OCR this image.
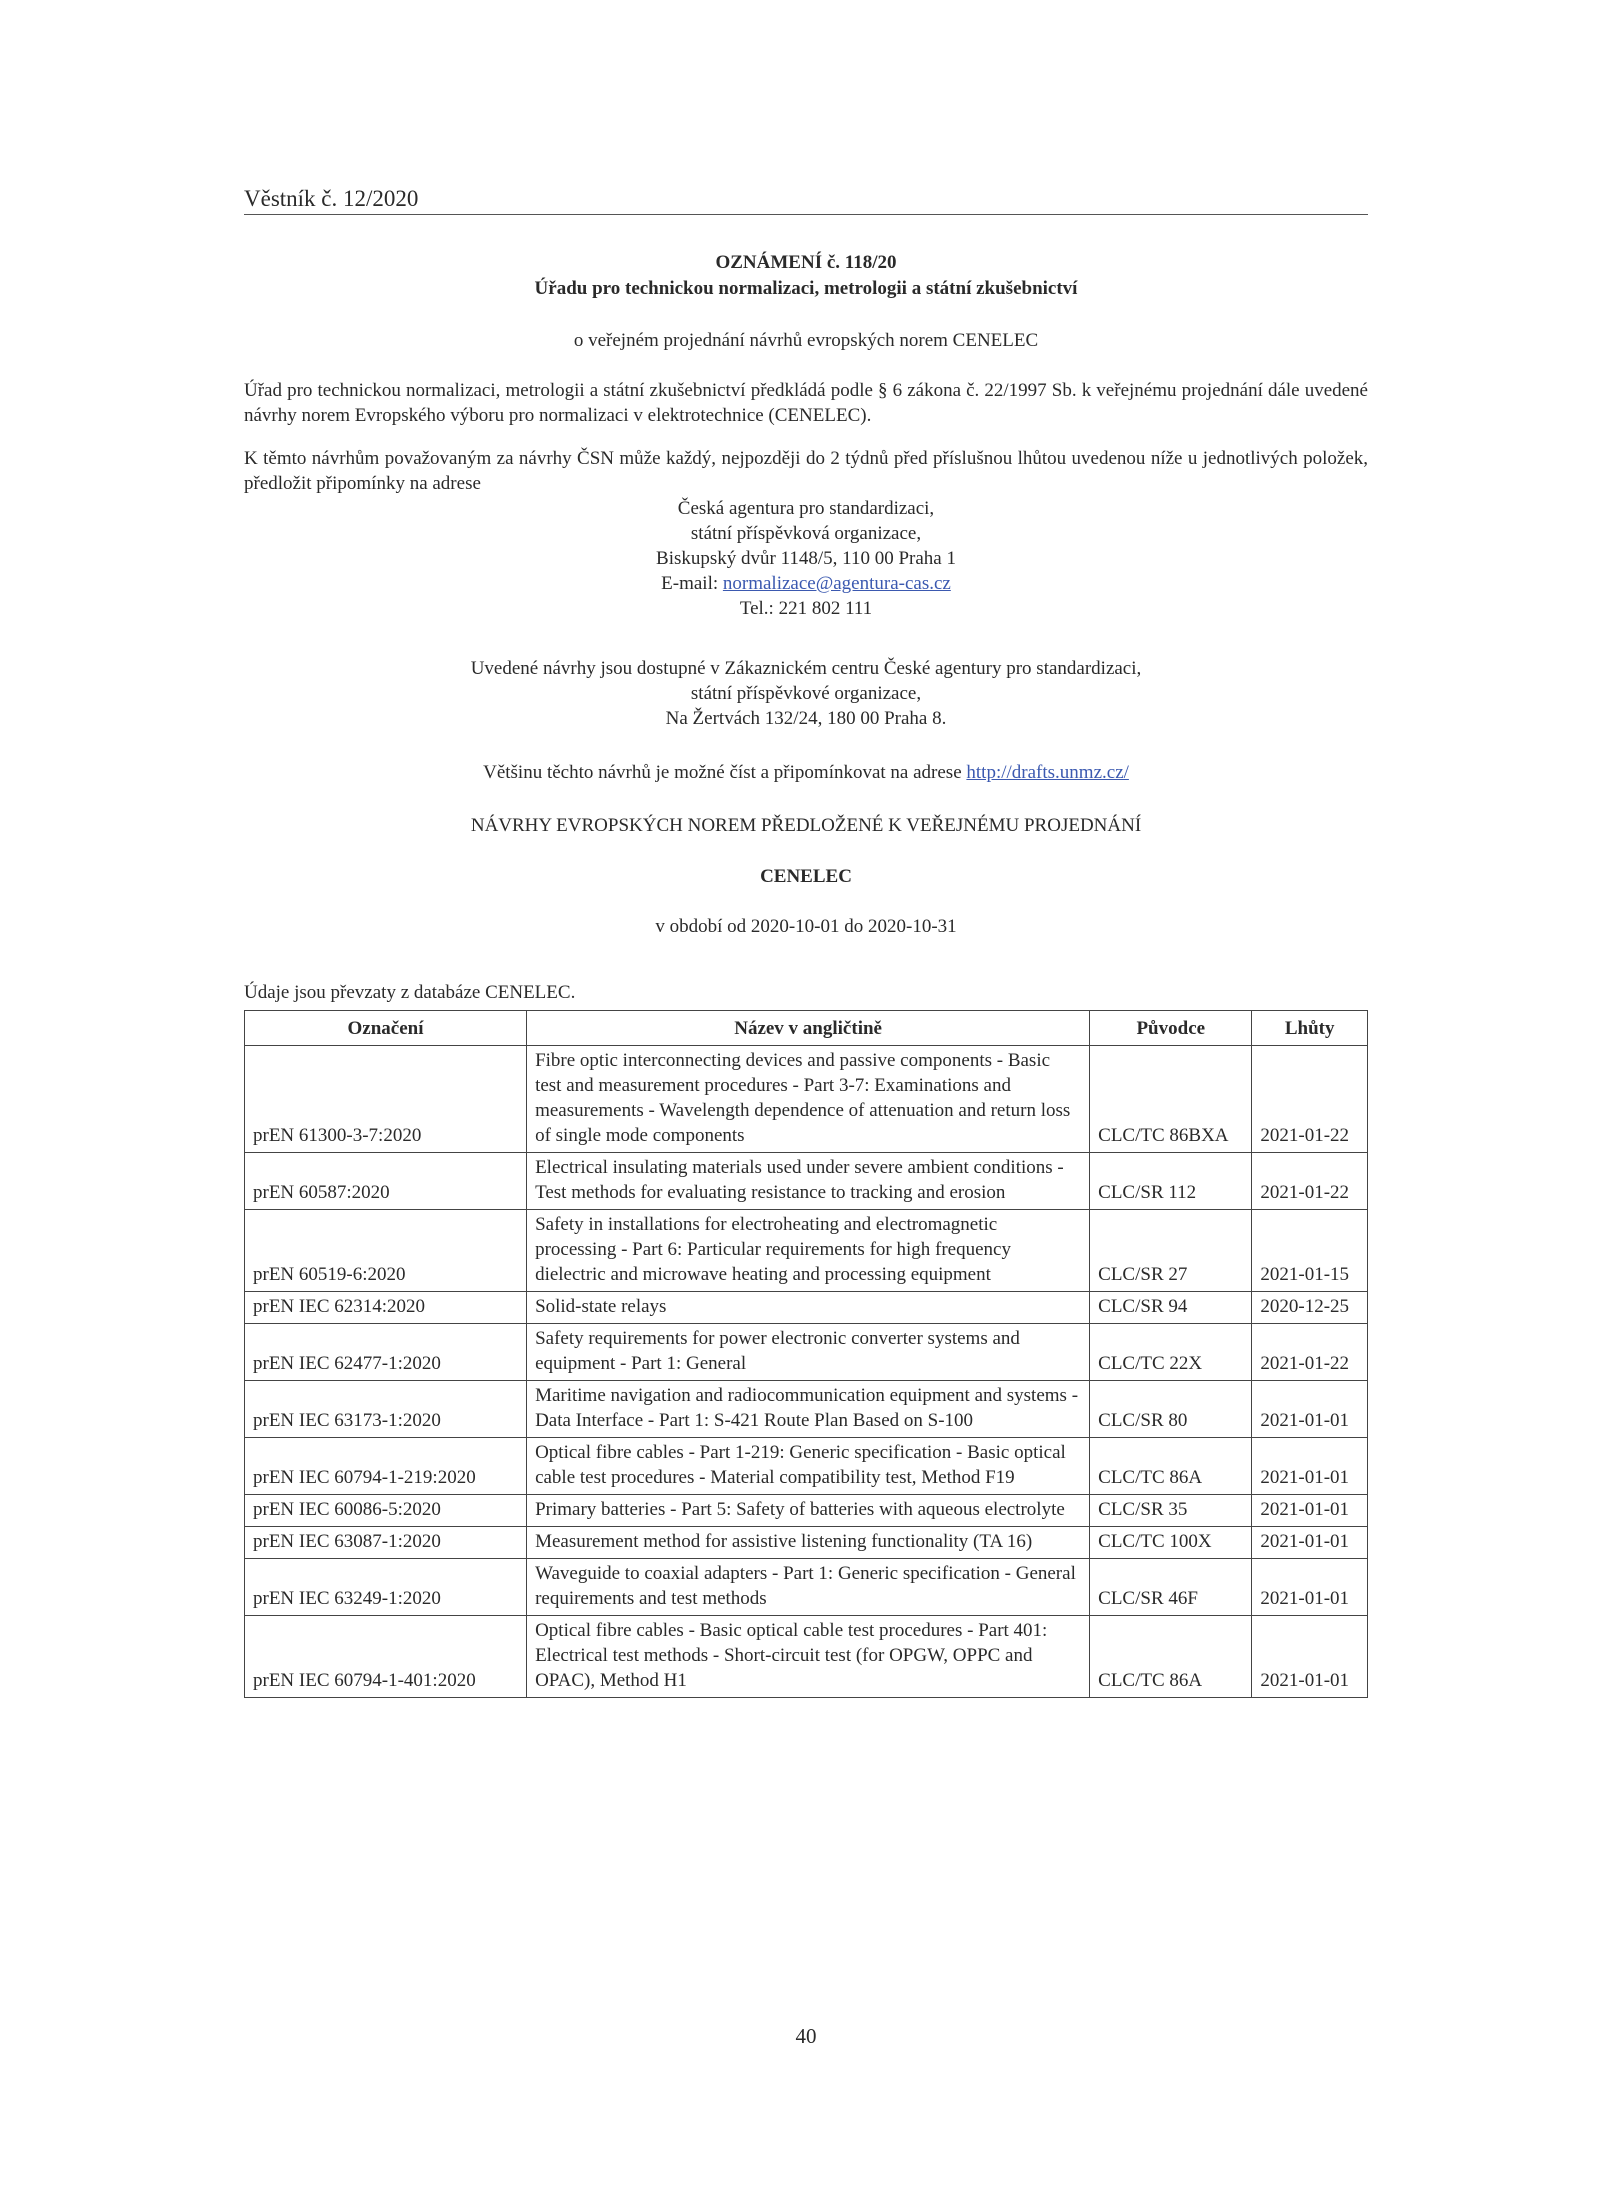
Věstník č. 12/2020
OZNÁMENÍ č. 118/20
Úřadu pro technickou normalizaci, metrologii a státní zkušebnictví
o veřejném projednání návrhů evropských norem CENELEC
Úřad pro technickou normalizaci, metrologii a státní zkušebnictví předkládá podle § 6 zákona č. 22/1997 Sb. k veřejnému projednání dále uvedené návrhy norem Evropského výboru pro normalizaci v elektrotechnice (CENELEC).
K těmto návrhům považovaným za návrhy ČSN může každý, nejpozději do 2 týdnů před příslušnou lhůtou uvedenou níže u jednotlivých položek, předložit připomínky na adrese
Česká agentura pro standardizaci,
státní příspěvková organizace,
Biskupský dvůr 1148/5, 110 00 Praha 1
E-mail: normalizace@agentura-cas.cz
Tel.: 221 802 111
Uvedené návrhy jsou dostupné v Zákaznickém centru České agentury pro standardizaci,
státní příspěvkové organizace,
Na Žertvách 132/24, 180 00 Praha 8.
Většinu těchto návrhů je možné číst a připomínkovat na adrese http://drafts.unmz.cz/
NÁVRHY EVROPSKÝCH NOREM PŘEDLOŽENÉ K VEŘEJNÉMU PROJEDNÁNÍ
CENELEC
v období od 2020-10-01 do 2020-10-31
Údaje jsou převzaty z databáze CENELEC.
Označení	Název v angličtině	Původce	Lhůty
prEN 61300-3-7:2020	Fibre optic interconnecting devices and passive components - Basic test and measurement procedures - Part 3-7: Examinations and measurements - Wavelength dependence of attenuation and return loss of single mode components	CLC/TC 86BXA	2021-01-22
prEN 60587:2020	Electrical insulating materials used under severe ambient conditions - Test methods for evaluating resistance to tracking and erosion	CLC/SR 112	2021-01-22
prEN 60519-6:2020	Safety in installations for electroheating and electromagnetic processing - Part 6: Particular requirements for high frequency dielectric and microwave heating and processing equipment	CLC/SR 27	2021-01-15
prEN IEC 62314:2020	Solid-state relays	CLC/SR 94	2020-12-25
prEN IEC 62477-1:2020	Safety requirements for power electronic converter systems and equipment - Part 1: General	CLC/TC 22X	2021-01-22
prEN IEC 63173-1:2020	Maritime navigation and radiocommunication equipment and systems - Data Interface - Part 1: S-421 Route Plan Based on S-100	CLC/SR 80	2021-01-01
prEN IEC 60794-1-219:2020	Optical fibre cables - Part 1-219: Generic specification - Basic optical cable test procedures - Material compatibility test, Method F19	CLC/TC 86A	2021-01-01
prEN IEC 60086-5:2020	Primary batteries - Part 5: Safety of batteries with aqueous electrolyte	CLC/SR 35	2021-01-01
prEN IEC 63087-1:2020	Measurement method for assistive listening functionality (TA 16)	CLC/TC 100X	2021-01-01
prEN IEC 63249-1:2020	Waveguide to coaxial adapters - Part 1: Generic specification - General requirements and test methods	CLC/SR 46F	2021-01-01
prEN IEC 60794-1-401:2020	Optical fibre cables - Basic optical cable test procedures - Part 401: Electrical test methods - Short-circuit test (for OPGW, OPPC and OPAC), Method H1	CLC/TC 86A	2021-01-01
40
